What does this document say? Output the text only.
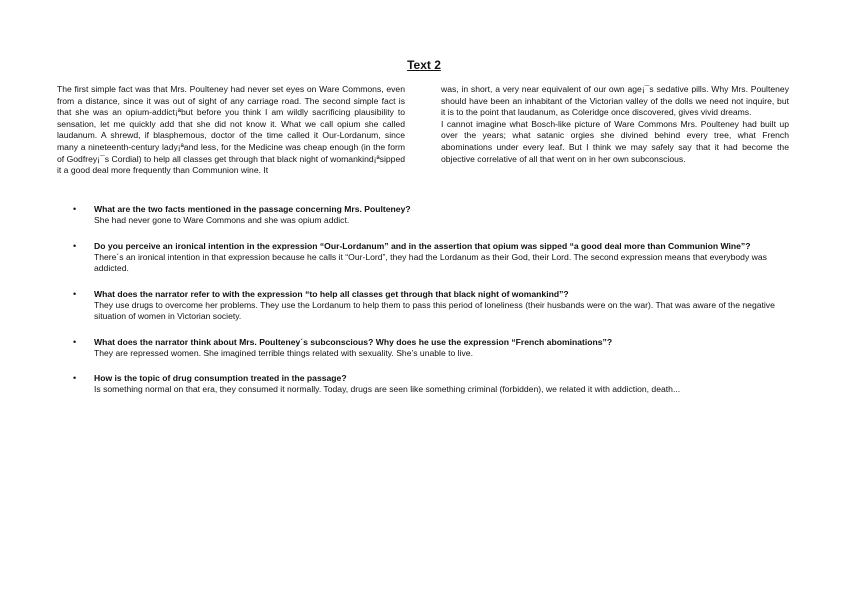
Text 2

The first simple fact was that Mrs. Poulteney had never set eyes on Ware Commons, even from a distance, since it was out of sight of any carriage road. The second simple fact is that she was an opium-addict¡ªbut before you think I am wildly sacrificing plausibility to sensation, let me quickly add that she did not know it. What we call opium she called laudanum. A shrewd, if blasphemous, doctor of the time called it Our-Lordanum, since many a nineteenth-century lady¡ªand less, for the Medicine was cheap enough (in the form of Godfrey¡¯s Cordial) to help all classes get through that black night of womankind¡ªsipped it a good deal more frequently than Communion wine. It

was, in short, a very near equivalent of our own age¡¯s sedative pills. Why Mrs. Poulteney should have been an inhabitant of the Victorian valley of the dolls we need not inquire, but it is to the point that laudanum, as Coleridge once discovered, gives vivid dreams.

I cannot imagine what Bosch-like picture of Ware Commons Mrs. Poulteney had built up over the years; what satanic orgies she divined behind every tree, what French abominations under every leaf. But I think we may safely say that it had become the objective correlative of all that went on in her own subconscious.

• What are the two facts mentioned in the passage concerning Mrs. Poulteney?
She had never gone to Ware Commons and she was opium addict.
• Do you perceive an ironical intention in the expression “Our-Lordanum” and in the assertion that opium was sipped “a good deal more than Communion Wine”?
There´s an ironical intention in that expression because he calls it “Our-Lord”, they had the Lordanum as their God, their Lord. The second expression means that everybody was addicted.
• What does the narrator refer to with the expression “to help all classes get through that black night of womankind”?
They use drugs to overcome her problems. They use the Lordanum to help them to pass this period of loneliness (their husbands were on the war). That was aware of the negative situation of women in Victorian society.
• What does the narrator think about Mrs. Poulteney´s subconscious? Why does he use the expression “French abominations”?
They are repressed women. She imagined terrible things related with sexuality. She’s unable to live.
• How is the topic of drug consumption treated in the passage?
Is something normal on that era, they consumed it normally. Today, drugs are seen like something criminal (forbidden), we related it with addiction, death...
